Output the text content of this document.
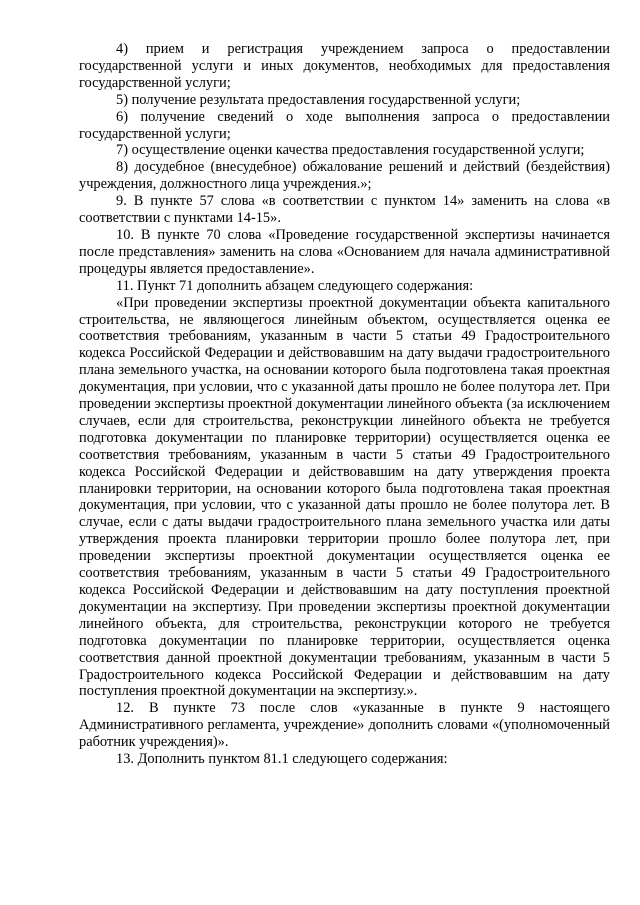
4) прием и регистрация учреждением запроса о предоставлении государственной услуги и иных документов, необходимых для предоставления государственной услуги;

5) получение результата предоставления государственной услуги;

6) получение сведений о ходе выполнения запроса о предоставлении государственной услуги;

7) осуществление оценки качества предоставления государственной услуги;

8) досудебное (внесудебное) обжалование решений и действий (бездействия) учреждения, должностного лица учреждения.»;

9. В пункте 57 слова «в соответствии с пунктом 14» заменить на слова «в соответствии с пунктами 14-15».

10. В пункте 70 слова «Проведение государственной экспертизы начинается после представления» заменить на слова «Основанием для начала административной процедуры является предоставление».

11. Пункт 71 дополнить абзацем следующего содержания:

«При проведении экспертизы проектной документации объекта капитального строительства, не являющегося линейным объектом, осуществляется оценка ее соответствия требованиям, указанным в части 5 статьи 49 Градостроительного кодекса Российской Федерации и действовавшим на дату выдачи градостроительного плана земельного участка, на основании которого была подготовлена такая проектная документация, при условии, что с указанной даты прошло не более полутора лет. При проведении экспертизы проектной документации линейного объекта (за исключением случаев, если для строительства, реконструкции линейного объекта не требуется подготовка документации по планировке территории) осуществляется оценка ее соответствия требованиям, указанным в части 5 статьи 49 Градостроительного кодекса Российской Федерации и действовавшим на дату утверждения проекта планировки территории, на основании которого была подготовлена такая проектная документация, при условии, что с указанной даты прошло не более полутора лет. В случае, если с даты выдачи градостроительного плана земельного участка или даты утверждения проекта планировки территории прошло более полутора лет, при проведении экспертизы проектной документации осуществляется оценка ее соответствия требованиям, указанным в части 5 статьи 49 Градостроительного кодекса Российской Федерации и действовавшим на дату поступления проектной документации на экспертизу. При проведении экспертизы проектной документации линейного объекта, для строительства, реконструкции которого не требуется подготовка документации по планировке территории, осуществляется оценка соответствия данной проектной документации требованиям, указанным в части 5 Градостроительного кодекса Российской Федерации и действовавшим на дату поступления проектной документации на экспертизу.».

12. В пункте 73 после слов «указанные в пункте 9 настоящего Административного регламента, учреждение» дополнить словами «(уполномоченный работник учреждения)».

13. Дополнить пунктом 81.1 следующего содержания:
